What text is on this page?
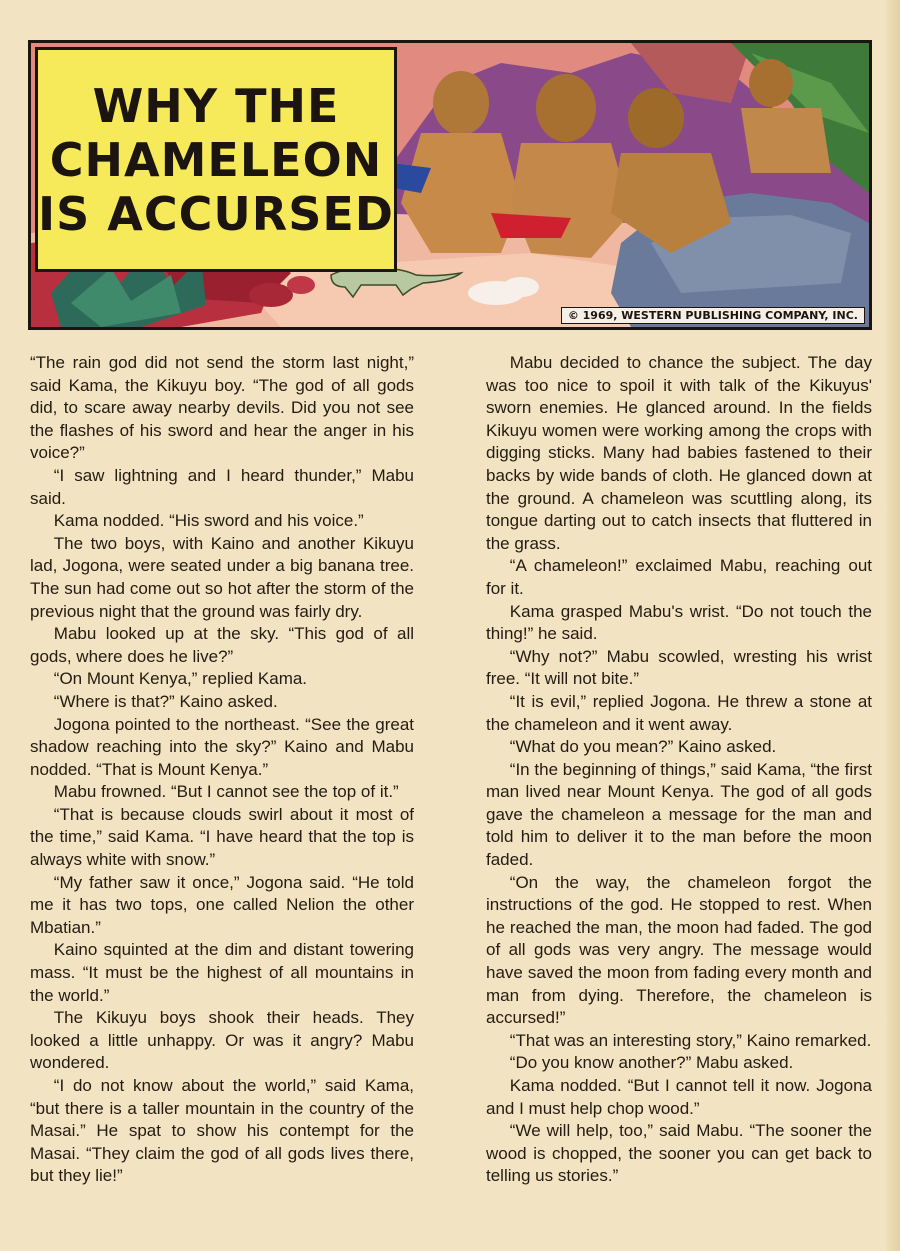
WHY THE
CHAMELEON
IS ACCURSED
© 1969, WESTERN PUBLISHING COMPANY, INC.

“The rain god did not send the storm last night,” said Kama, the Kikuyu boy. “The god of all gods did, to scare away nearby devils. Did you not see the flashes of his sword and hear the anger in his voice?”

“I saw lightning and I heard thunder,” Mabu said.

Kama nodded. “His sword and his voice.”

The two boys, with Kaino and another Kikuyu lad, Jogona, were seated under a big banana tree. The sun had come out so hot after the storm of the previous night that the ground was fairly dry.

Mabu looked up at the sky. “This god of all gods, where does he live?”

“On Mount Kenya,” replied Kama.

“Where is that?” Kaino asked.

Jogona pointed to the northeast. “See the great shadow reaching into the sky?” Kaino and Mabu nodded. “That is Mount Kenya.”

Mabu frowned. “But I cannot see the top of it.”

“That is because clouds swirl about it most of the time,” said Kama. “I have heard that the top is always white with snow.”

“My father saw it once,” Jogona said. “He told me it has two tops, one called Nelion the other Mbatian.”

Kaino squinted at the dim and distant towering mass. “It must be the highest of all mountains in the world.”

The Kikuyu boys shook their heads. They looked a little unhappy. Or was it angry? Mabu wondered.

“I do not know about the world,” said Kama, “but there is a taller mountain in the country of the Masai.” He spat to show his contempt for the Masai. “They claim the god of all gods lives there, but they lie!”

Mabu decided to chance the subject. The day was too nice to spoil it with talk of the Kikuyus' sworn enemies. He glanced around. In the fields Kikuyu women were working among the crops with digging sticks. Many had babies fastened to their backs by wide bands of cloth. He glanced down at the ground. A chameleon was scuttling along, its tongue darting out to catch insects that fluttered in the grass.

“A chameleon!” exclaimed Mabu, reaching out for it.

Kama grasped Mabu's wrist. “Do not touch the thing!” he said.

“Why not?” Mabu scowled, wresting his wrist free. “It will not bite.”

“It is evil,” replied Jogona. He threw a stone at the chameleon and it went away.

“What do you mean?” Kaino asked.

“In the beginning of things,” said Kama, “the first man lived near Mount Kenya. The god of all gods gave the chameleon a message for the man and told him to deliver it to the man before the moon faded.

“On the way, the chameleon forgot the instructions of the god. He stopped to rest. When he reached the man, the moon had faded. The god of all gods was very angry. The message would have saved the moon from fading every month and man from dying. Therefore, the chameleon is accursed!”

“That was an interesting story,” Kaino remarked.

“Do you know another?” Mabu asked.

Kama nodded. “But I cannot tell it now. Jogona and I must help chop wood.”

“We will help, too,” said Mabu. “The sooner the wood is chopped, the sooner you can get back to telling us stories.”
